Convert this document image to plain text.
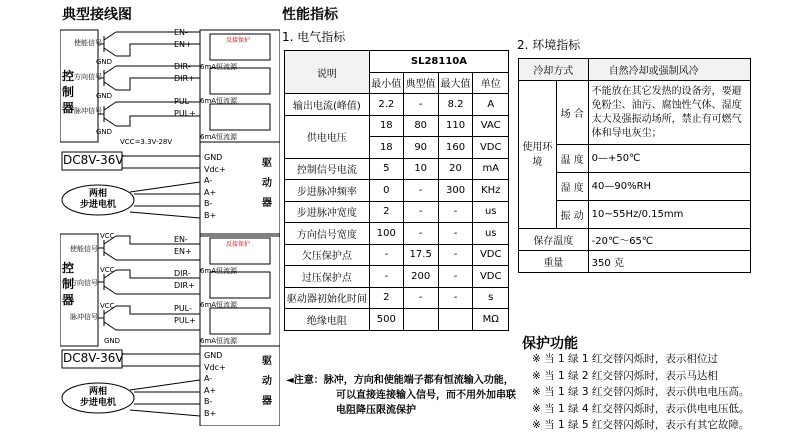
典型接线图
反接保护
反接保护
控
制
器
使能信号
方向信号
脉冲信号
GND
GND
GND
VCC=3.3V-28V
EN-
EN+
DIR-
DIR+
PUL-
PUL+
6mA恒流源
6mA恒流源
6mA恒流源
DC8V-36V	GND
Vdc+
A-
A+
B-
B+
两相
步进电机
驱
动
器
控
制
器
VCC
VCC
VCC
使能信号
方向信号
脉冲信号
GND
EN-
EN+
DIR-
DIR+
PUL-
PUL+
6mA恒流源
6mA恒流源
6mA恒流源
DC8V-36V	GND
Vdc+
A-
A+
B-
B+
两相
步进电机
驱
动
器
性能指标
1. 电气指标
说明	SL28110A			
	最小值	典型值	最大值	单位
输出电流(峰值)	2.2	-	8.2	A
供电电压	18	80	110	VAC
	18	90	160	VDC
控制信号电流	5	10	20	mA
步进脉冲频率	0	-	300	KHz
步进脉冲宽度	2	-	-	us
方向信号宽度	100	-	-	us
欠压保护点	-	17.5	-	VDC
过压保护点	-	200	-	VDC
驱动器初始化时间	2	-	-	s
绝缘电阻	500			MΩ
◄注意：脉冲，方向和使能端子都有恒流输入功能，
可以直接连接输入信号，而不用外加串联
电阻降压限流保护
2. 环境指标
冷却方式		自然冷却或强制风冷
使用环境	场 合	不能放在其它发热的设备旁，要避免粉尘、油污、腐蚀性气体、湿度太大及强振动场所，禁止有可燃气体和导电灰尘；
	温 度	0—+50℃
	湿 度	40—90%RH
	振 动	10~55Hz/0.15mm
保存温度		-20℃～65℃
重量		350 克
保护功能
※ 当 1 绿 1 红交替闪烁时，表示相位过
※ 当 1 绿 2 红交替闪烁时，表示马达相
※ 当 1 绿 3 红交替闪烁时，表示供电电压高。
※ 当 1 绿 4 红交替闪烁时，表示供电电压低。
※ 当 1 绿 5 红交替闪烁时，表示有其它故障。
